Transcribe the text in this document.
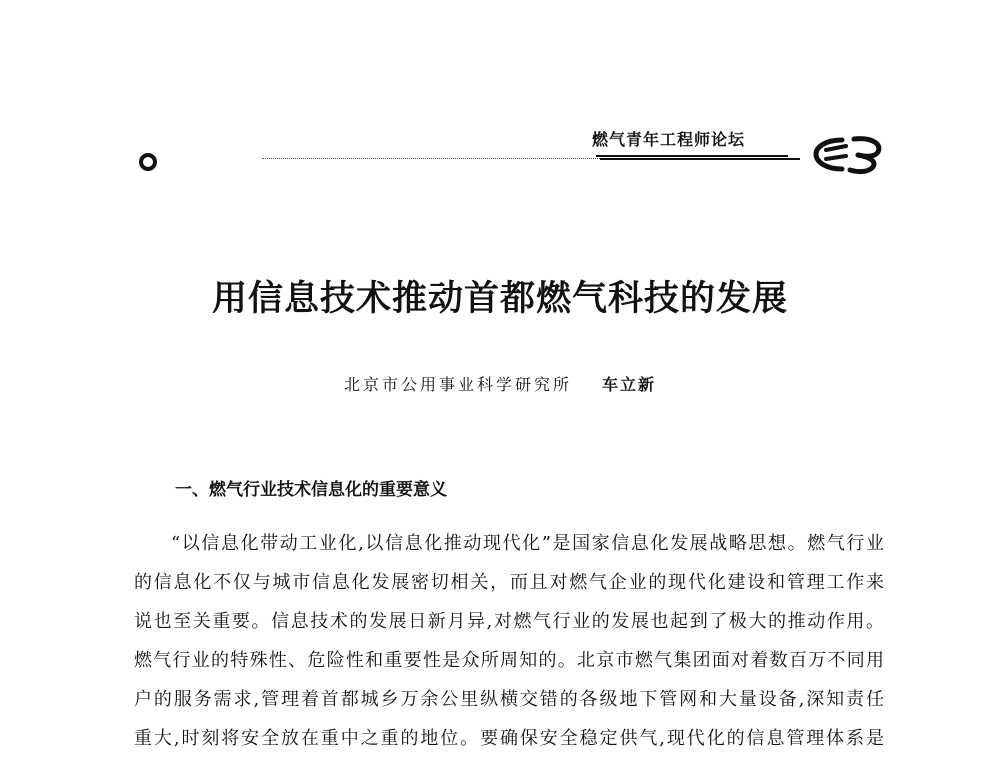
燃气青年工程师论坛
用信息技术推动首都燃气科技的发展
北京市公用事业科学研究所 车立新
一、燃气行业技术信息化的重要意义
“以信息化带动工业化,以信息化推动现代化”是国家信息化发展战略思想。燃气行业
的信息化不仅与城市信息化发展密切相关，而且对燃气企业的现代化建设和管理工作来
说也至关重要。信息技术的发展日新月异,对燃气行业的发展也起到了极大的推动作用。
燃气行业的特殊性、危险性和重要性是众所周知的。北京市燃气集团面对着数百万不同用
户的服务需求,管理着首都城乡万余公里纵横交错的各级地下管网和大量设备,深知责任
重大,时刻将安全放在重中之重的地位。要确保安全稳定供气,现代化的信息管理体系是
